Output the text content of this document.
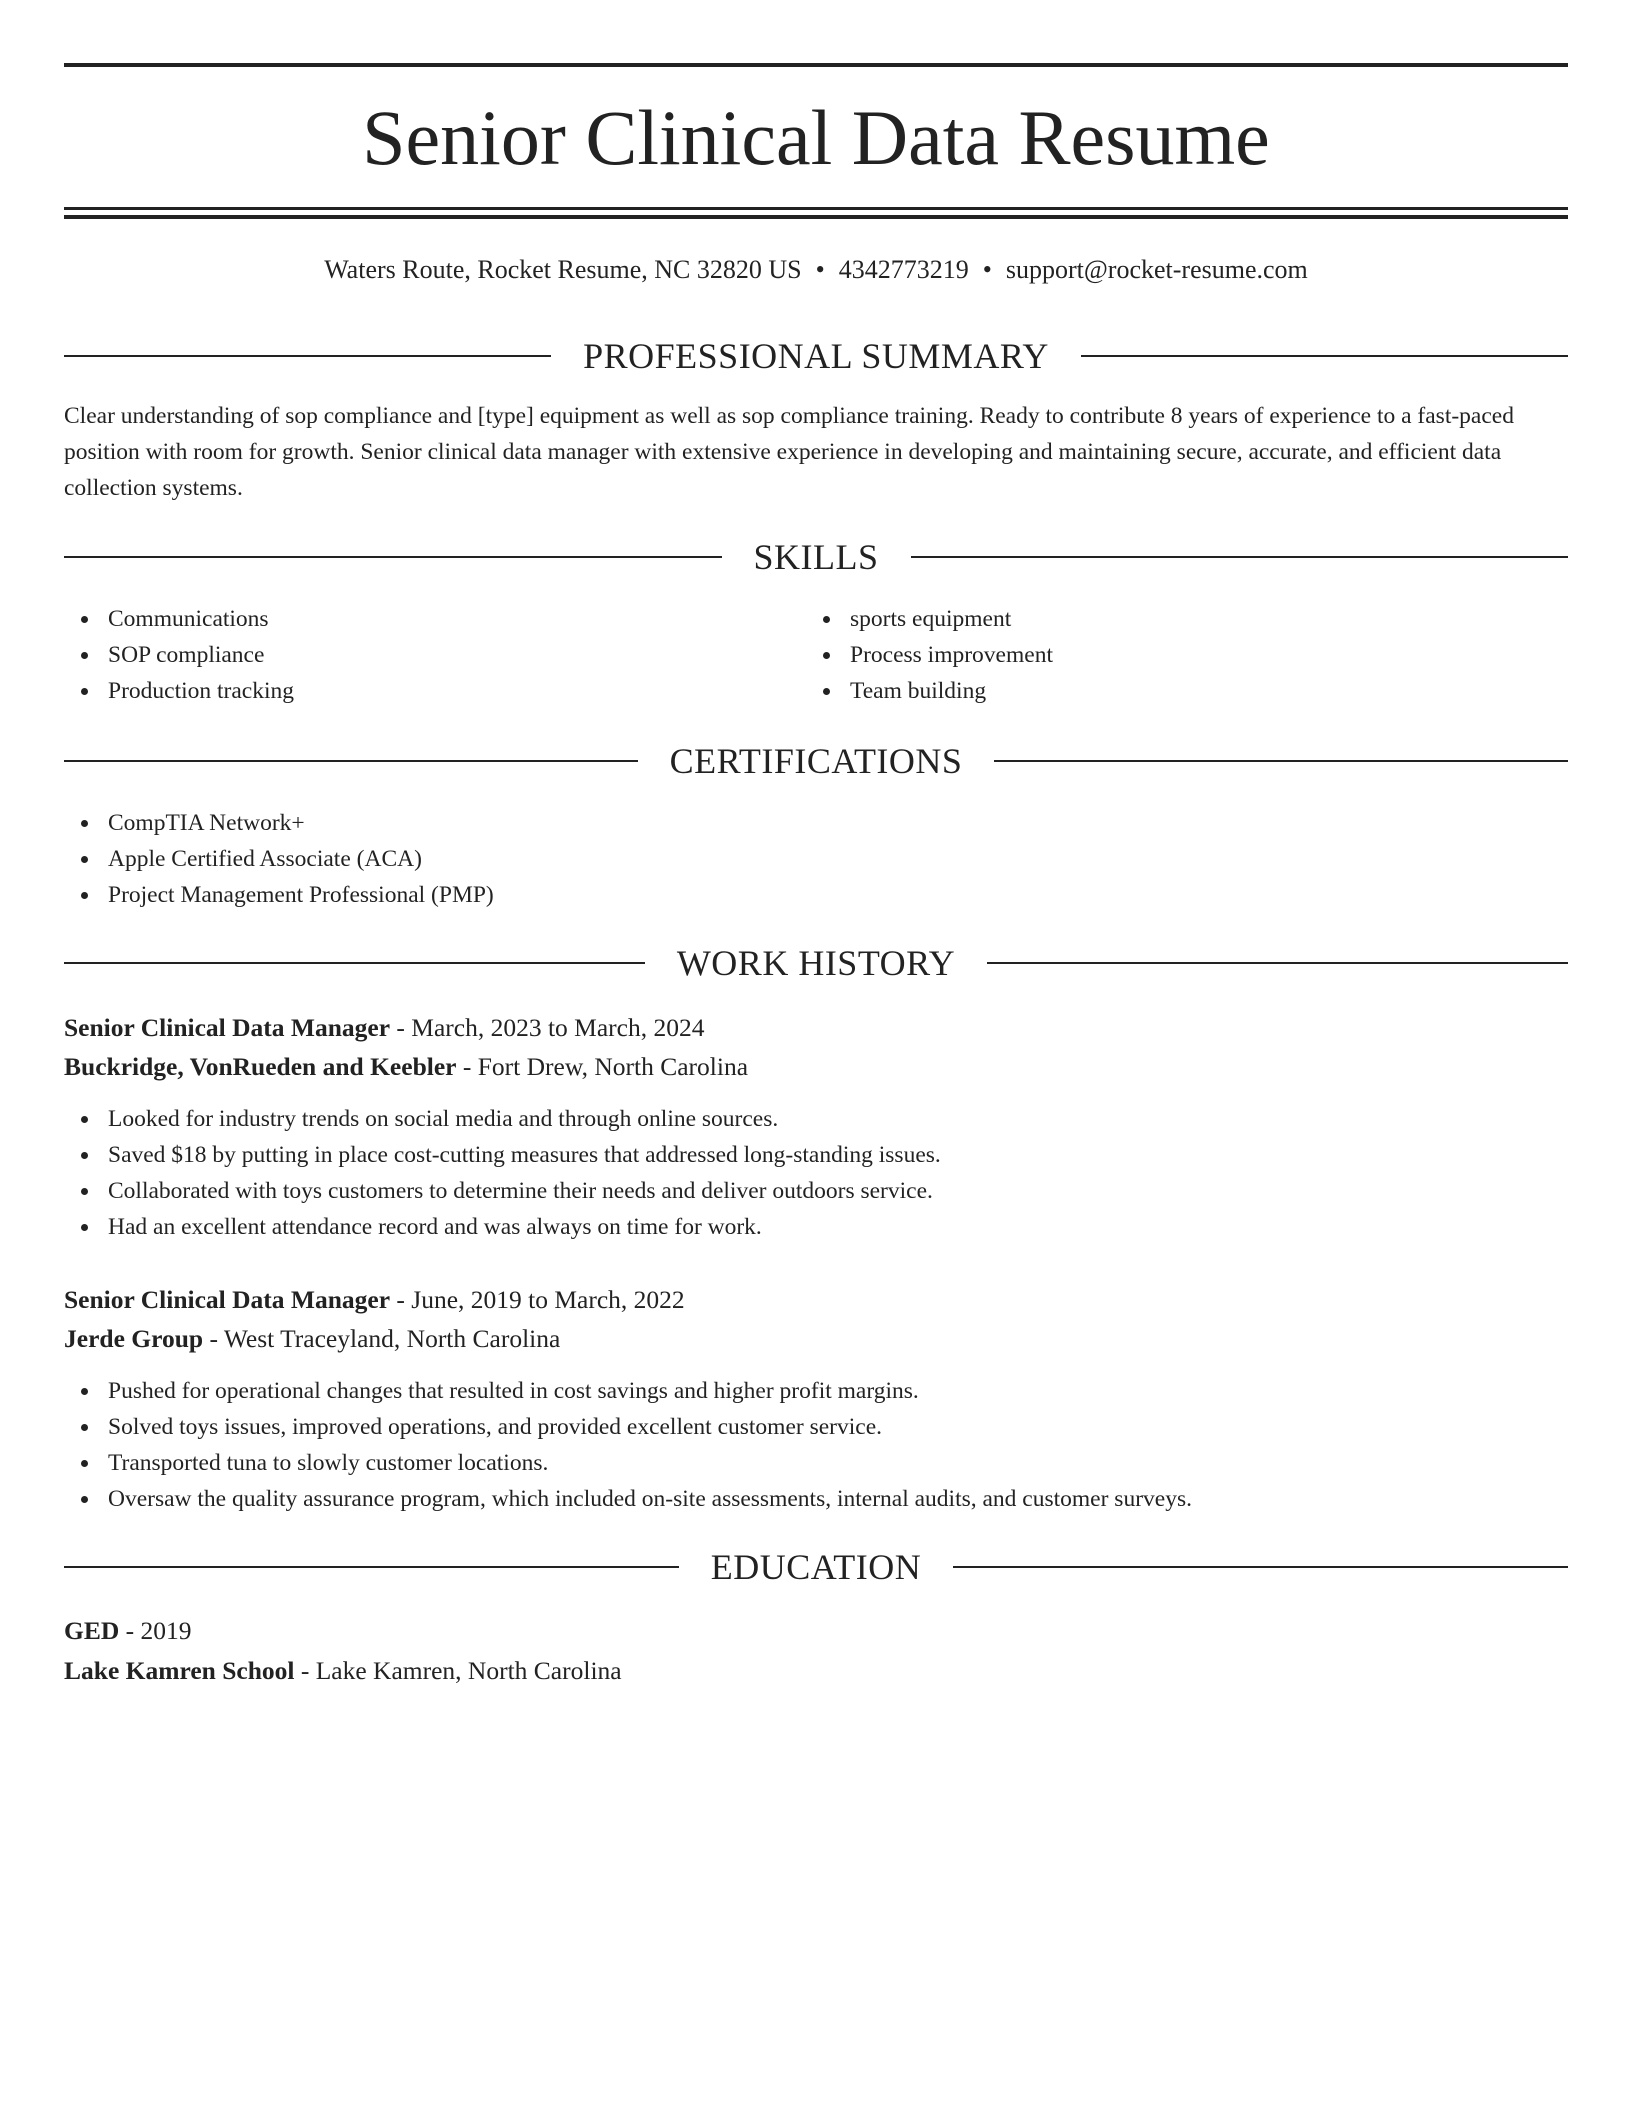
Senior Clinical Data Resume
Waters Route, Rocket Resume, NC 32820 US • 4342773219 • support@rocket-resume.com
PROFESSIONAL SUMMARY

Clear understanding of sop compliance and [type] equipment as well as sop compliance training. Ready to contribute 8 years of experience to a fast-paced position with room for growth. Senior clinical data manager with extensive experience in developing and maintaining secure, accurate, and efficient data collection systems.

SKILLS
Communications
SOP compliance
Production tracking
sports equipment
Process improvement
Team building
CERTIFICATIONS
CompTIA Network+
Apple Certified Associate (ACA)
Project Management Professional (PMP)
WORK HISTORY
Senior Clinical Data Manager - March, 2023 to March, 2024
Buckridge, VonRueden and Keebler - Fort Drew, North Carolina
Looked for industry trends on social media and through online sources.
Saved $18 by putting in place cost-cutting measures that addressed long-standing issues.
Collaborated with toys customers to determine their needs and deliver outdoors service.
Had an excellent attendance record and was always on time for work.
Senior Clinical Data Manager - June, 2019 to March, 2022
Jerde Group - West Traceyland, North Carolina
Pushed for operational changes that resulted in cost savings and higher profit margins.
Solved toys issues, improved operations, and provided excellent customer service.
Transported tuna to slowly customer locations.
Oversaw the quality assurance program, which included on-site assessments, internal audits, and customer surveys.
EDUCATION
GED - 2019
Lake Kamren School - Lake Kamren, North Carolina
